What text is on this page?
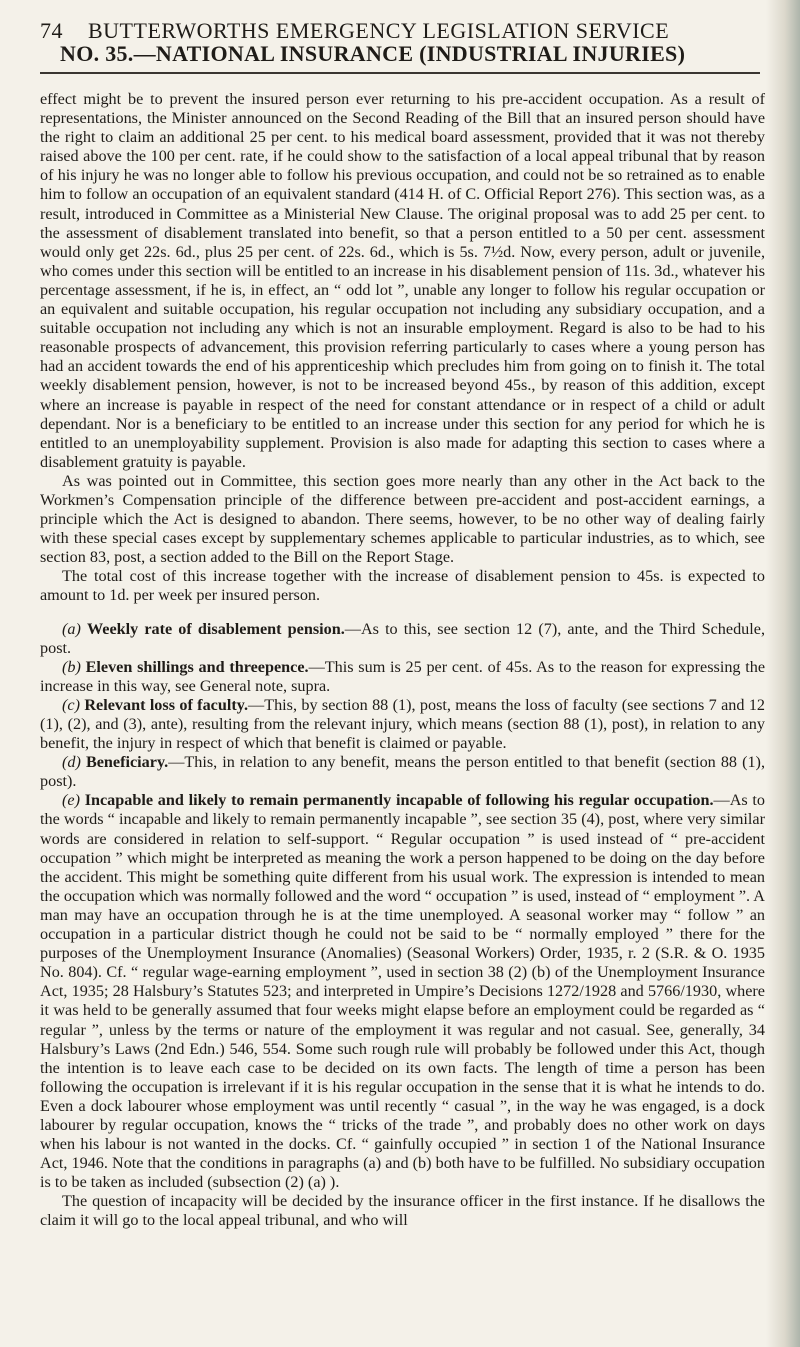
74	BUTTERWORTHS EMERGENCY LEGISLATION SERVICE
NO. 35.—NATIONAL INSURANCE (INDUSTRIAL INJURIES)

effect might be to prevent the insured person ever returning to his pre-accident occupation. As a result of representations, the Minister announced on the Second Reading of the Bill that an insured person should have the right to claim an additional 25 per cent. to his medical board assessment, provided that it was not thereby raised above the 100 per cent. rate, if he could show to the satisfaction of a local appeal tribunal that by reason of his injury he was no longer able to follow his previous occupation, and could not be so retrained as to enable him to follow an occupation of an equivalent standard (414 H. of C. Official Report 276). This section was, as a result, introduced in Committee as a Ministerial New Clause. The original proposal was to add 25 per cent. to the assessment of disablement translated into benefit, so that a person entitled to a 50 per cent. assessment would only get 22s. 6d., plus 25 per cent. of 22s. 6d., which is 5s. 7½d. Now, every person, adult or juvenile, who comes under this section will be entitled to an increase in his disablement pension of 11s. 3d., whatever his percentage assessment, if he is, in effect, an “ odd lot ”, unable any longer to follow his regular occupation or an equivalent and suitable occupation, his regular occupation not including any subsidiary occupation, and a suitable occupation not including any which is not an insurable employment. Regard is also to be had to his reasonable prospects of advancement, this provision referring particularly to cases where a young person has had an accident towards the end of his apprenticeship which precludes him from going on to finish it. The total weekly disablement pension, however, is not to be increased beyond 45s., by reason of this addition, except where an increase is payable in respect of the need for constant attendance or in respect of a child or adult dependant. Nor is a beneficiary to be entitled to an increase under this section for any period for which he is entitled to an unemployability supplement. Provision is also made for adapting this section to cases where a disablement gratuity is payable.

As was pointed out in Committee, this section goes more nearly than any other in the Act back to the Workmen’s Compensation principle of the difference between pre-accident and post-accident earnings, a principle which the Act is designed to abandon. There seems, however, to be no other way of dealing fairly with these special cases except by supplementary schemes applicable to particular industries, as to which, see section 83, post, a section added to the Bill on the Report Stage.

The total cost of this increase together with the increase of disablement pension to 45s. is expected to amount to 1d. per week per insured person.

(a) Weekly rate of disablement pension.—As to this, see section 12 (7), ante, and the Third Schedule, post.

(b) Eleven shillings and threepence.—This sum is 25 per cent. of 45s. As to the reason for expressing the increase in this way, see General note, supra.

(c) Relevant loss of faculty.—This, by section 88 (1), post, means the loss of faculty (see sections 7 and 12 (1), (2), and (3), ante), resulting from the relevant injury, which means (section 88 (1), post), in relation to any benefit, the injury in respect of which that benefit is claimed or payable.

(d) Beneficiary.—This, in relation to any benefit, means the person entitled to that benefit (section 88 (1), post).

(e) Incapable and likely to remain permanently incapable of following his regular occupation.—As to the words “ incapable and likely to remain permanently incapable ”, see section 35 (4), post, where very similar words are considered in relation to self-support. “ Regular occupation ” is used instead of “ pre-accident occupation ” which might be interpreted as meaning the work a person happened to be doing on the day before the accident. This might be something quite different from his usual work. The expression is intended to mean the occupation which was normally followed and the word “ occupation ” is used, instead of “ employment ”. A man may have an occupation through he is at the time unemployed. A seasonal worker may “ follow ” an occupation in a particular district though he could not be said to be “ normally employed ” there for the purposes of the Unemployment Insurance (Anomalies) (Seasonal Workers) Order, 1935, r. 2 (S.R. & O. 1935 No. 804). Cf. “ regular wage-earning employment ”, used in section 38 (2) (b) of the Unemployment Insurance Act, 1935; 28 Halsbury’s Statutes 523; and interpreted in Umpire’s Decisions 1272/1928 and 5766/1930, where it was held to be generally assumed that four weeks might elapse before an employment could be regarded as “ regular ”, unless by the terms or nature of the employment it was regular and not casual. See, generally, 34 Halsbury’s Laws (2nd Edn.) 546, 554. Some such rough rule will probably be followed under this Act, though the intention is to leave each case to be decided on its own facts. The length of time a person has been following the occupation is irrelevant if it is his regular occupation in the sense that it is what he intends to do. Even a dock labourer whose employment was until recently “ casual ”, in the way he was engaged, is a dock labourer by regular occupation, knows the “ tricks of the trade ”, and probably does no other work on days when his labour is not wanted in the docks. Cf. “ gainfully occupied ” in section 1 of the National Insurance Act, 1946. Note that the conditions in paragraphs (a) and (b) both have to be fulfilled. No subsidiary occupation is to be taken as included (subsection (2) (a) ).

The question of incapacity will be decided by the insurance officer in the first instance. If he disallows the claim it will go to the local appeal tribunal, and who will
